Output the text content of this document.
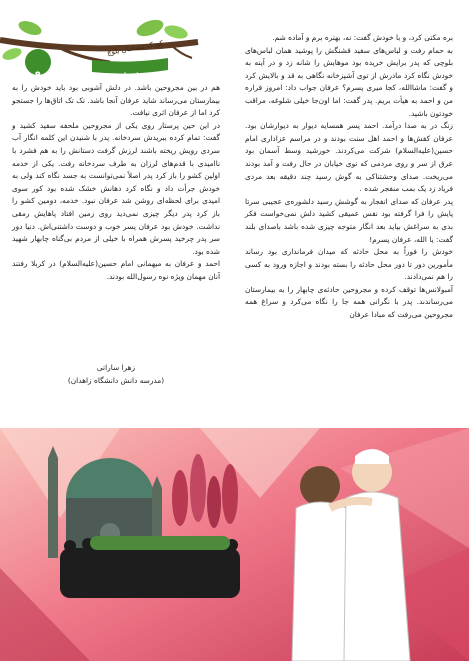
کودک مسلمان بلوچ
داستان
۹

بره مکتی کرد، و با خودش گفت: نه، بهتره برم و آماده شم.

به حمام رفت و لباس‌های سفید قشنگش را پوشید همان لباس‌های بلوچی که پدر برایش خریده بود موهایش را شانه زد و در آینه به خودش نگاه کرد مادرش از توی آشپزخانه نگاهی به قد و بالایش کرد و گفت: ماشاالله، کجا میری پسرم؟ عرفان جواب داد: امروز قراره من و احمد به هیأت بریم. پدر گفت: اما اون‌جا خیلی شلوغه، مراقب خودتون باشید.

زنگ در به صدا درآمد. احمد پسر همسایه دیوار به دیوارشان بود. عرفان کفش‌ها و احمد اهل سنت بودند و در مراسم عزاداری امام حسین(علیه‌السلام) شرکت می‌کردند. خورشید وسط آسمان بود عرق از سر و روی مردمی که توی خیابان در حال رفت و آمد بودند می‌ریخت. صدای وحشتناکی به گوش رسید چند دقیقه بعد مردی فریاد زد یک بمب منفجر شده .

پدر عرفان که صدای انفجار به گوشش رسید دلشوره‌ی عجیبی سرتا پایش را فرا گرفته بود نفس عمیقی کشید دلش نمی‌خواست فکر بدی به سراغش بیاید بعد انگار متوجه چیزی شده باشد باصدای بلند گفت: یا الله، عرفان پسرم!

خودش را فوراً به محل حادثه که میدان فرمانداری بود رساند مأمورین دور تا دور محل حادثه را بسته بودند و اجازه ورود به کسی را هم نمی‌دادند.

آمبولانس‌ها توقف کرده و مجروحین حادثه‌ی چابهار را به بیمارستان می‌رساندند. پدر با نگرانی همه جا را نگاه می‌کرد و سراغ همه مجروحین می‌رفت که مبادا عرفان

هم در بین مجروحین باشد. در دلش آشوبی بود باید خودش را به بیمارستان می‌رساند شاید عرفان آنجا باشد. تک تک اتاق‌ها را جستجو کرد اما از عرفان اثری نیافت.

در این حین پرستار روی یکی از مجروحین ملحفه سفید کشید و گفت: تمام کرده ببریدش سردخانه. پدر با شنیدن این کلمه انگار آب سردی رویش ریخته باشند لرزش گرفت دستانش را به هم فشرد با ناامیدی با قدم‌های لرزان به طرف سردخانه رفت. یکی از خدمه اولین کشو را باز کرد پدر اصلاً نمی‌توانست به جسد نگاه کند ولی به خودش جرأت داد و نگاه کرد دهانش خشک شده بود کور سوی امیدی برای لحظه‌ای روشن شد عرفان نبود. خدمه، دومین کشو را باز کرد پدر دیگر چیزی نمی‌دید روی زمین افتاد پاهایش رمقی نداشت. خودش بود عرفان پسر خوب و دوست داشتنی‌اش. دنیا دور سر پدر چرخید پسرش همراه با خیلی از مردم بی‌گناه چابهار شهید شده بود.

احمد و عرفان به میهمانی امام حسین(علیه‌السلام) در کربلا رفتند آنان مهمان ویژه نوه رسول‌الله بودند.

زهرا ساراتی
(مدرسه دانش دانشگاه زاهدان)
